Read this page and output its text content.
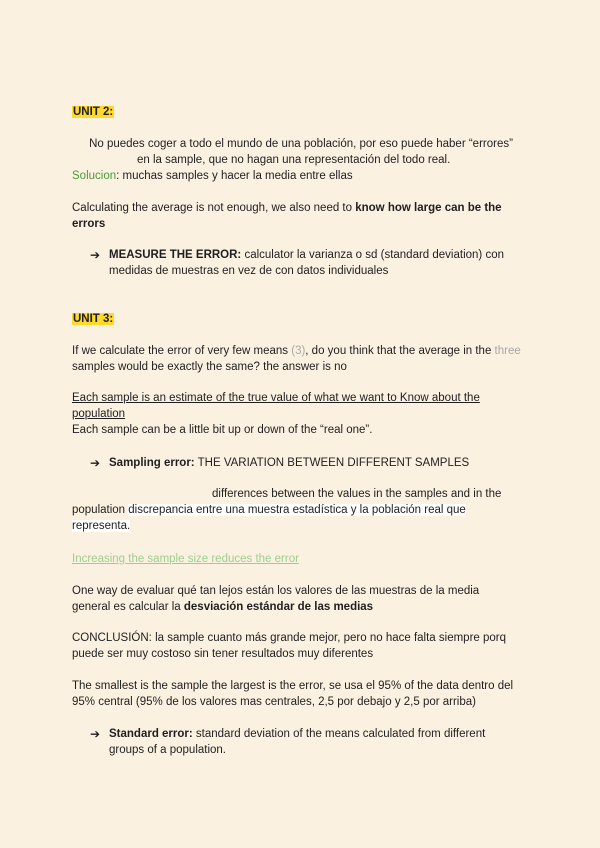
UNIT 2:
No puedes coger a todo el mundo de una población, por eso puede haber “errores”
en la sample, que no hagan una representación del todo real.
Solucion: muchas samples y hacer la media entre ellas
Calculating the average is not enough, we also need to know how large can be the errors
➔ MEASURE THE ERROR: calculator la varianza o sd (standard deviation) con medidas de muestras en vez de con datos individuales
UNIT 3:
If we calculate the error of very few means (3), do you think that the average in the three samples would be exactly the same? the answer is no
Each sample is an estimate of the true value of what we want to Know about the population
Each sample can be a little bit up or down of the “real one”.
➔ Sampling error: THE VARIATION BETWEEN DIFFERENT SAMPLES
differences between the values in the samples and in the
population discrepancia entre una muestra estadística y la población real que representa.
Increasing the sample size reduces the error
One way de evaluar qué tan lejos están los valores de las muestras de la media general es calcular la desviación estándar de las medias
CONCLUSIÓN: la sample cuanto más grande mejor, pero no hace falta siempre porq puede ser muy costoso sin tener resultados muy diferentes
The smallest is the sample the largest is the error, se usa el 95% of the data dentro del 95% central (95% de los valores mas centrales, 2,5 por debajo y 2,5 por arriba)
➔ Standard error: standard deviation of the means calculated from different groups of a population.
